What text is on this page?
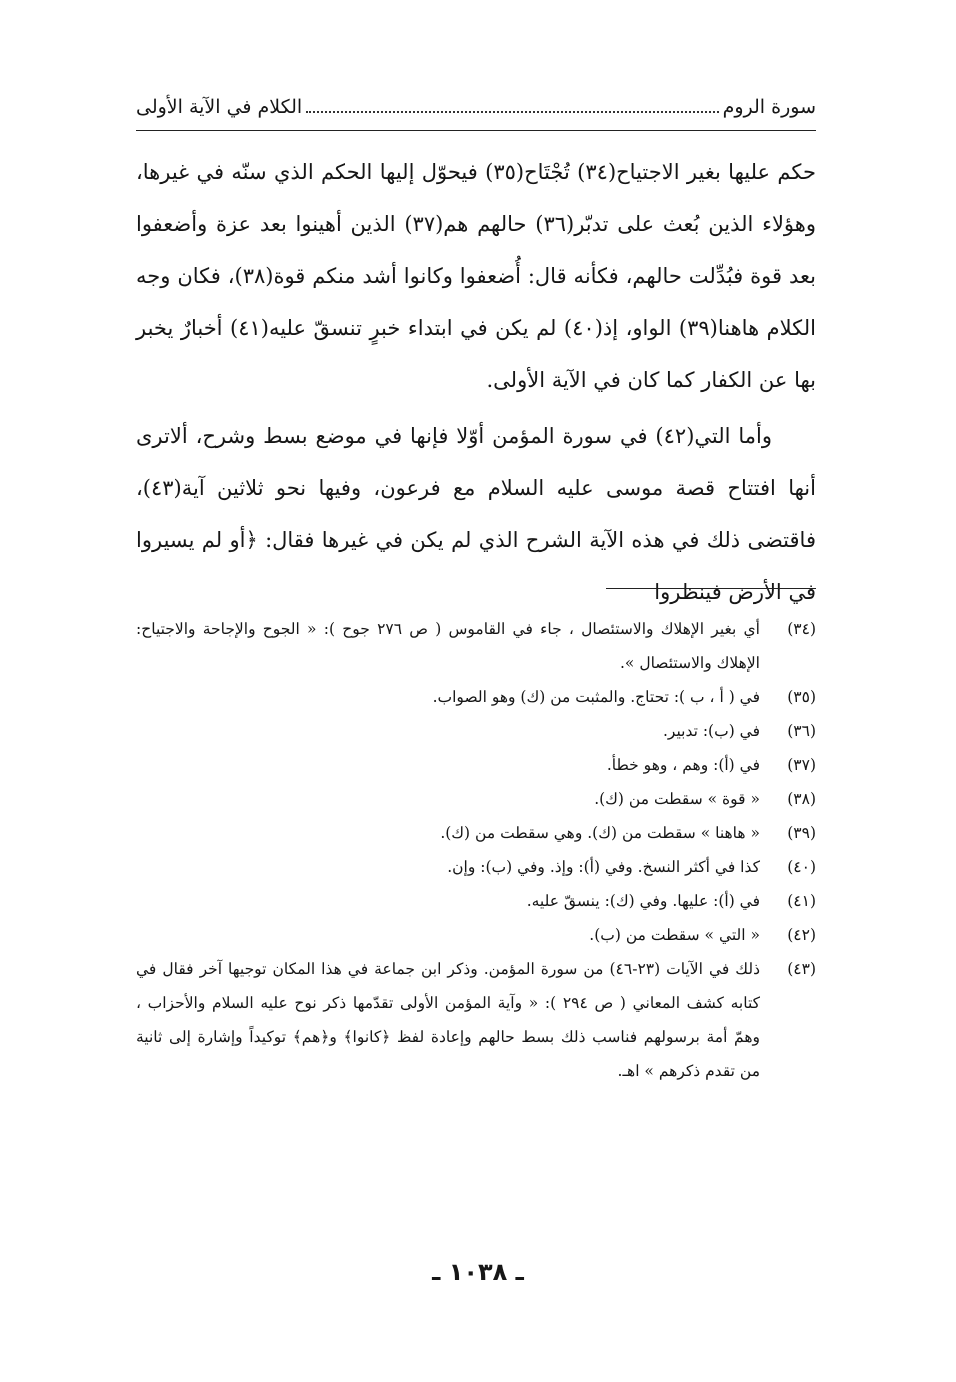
سورة الروم
الكلام في الآية الأولى

حكم عليها بغير الاجتياح(٣٤) تُجْتَاح(٣٥) فيحوّل إليها الحكم الذي سنّه في غيرها، وهؤلاء الذين بُعث على تدبّر(٣٦) حالهم هم(٣٧) الذين أهينوا بعد عزة وأضعفوا بعد قوة فبُدِّلت حالهم، فكأنه قال: أُضعفوا وكانوا أشد منكم قوة(٣٨)، فكان وجه الكلام هاهنا(٣٩) الواو، إذ(٤٠) لم يكن في ابتداء خبرٍ تنسقّ عليه(٤١) أخبارٌ يخبر بها عن الكفار كما كان في الآية الأولى.

وأما التي(٤٢) في سورة المؤمن أوّلا فإنها في موضع بسط وشرح، ألاترى أنها افتتاح قصة موسى عليه السلام مع فرعون، وفيها نحو ثلاثين آية(٤٣)، فاقتضى ذلك في هذه الآية الشرح الذي لم يكن في غيرها فقال: ﴿أو لم يسيروا في الأرض فينظروا

(٣٤)
أي بغير الإهلاك والاستئصال ، جاء في القاموس ( ص ٢٧٦ جوح ): « الجوح والإجاحة والاجتياح: الإهلاك والاستئصال ».
(٣٥)
في ( أ ، ب ): تحتاج. والمثبت من (ك) وهو الصواب.
(٣٦)
في (ب): تدبير.
(٣٧)
في (أ): وهم ، وهو خطأ.
(٣٨)
« قوة » سقطت من (ك).
(٣٩)
« هاهنا » سقطت من (ك). وهي سقطت من (ك).
(٤٠)
كذا في أكثر النسخ. وفي (أ): وإذ. وفي (ب): وإن.
(٤١)
في (أ): عليها. وفي (ك): ينسقّ عليه.
(٤٢)
« التي » سقطت من (ب).
(٤٣)
ذلك في الآيات (٢٣-٤٦) من سورة المؤمن. وذكر ابن جماعة في هذا المكان توجيها آخر فقال في كتابه كشف المعاني ( ص ٢٩٤ ): « وآية المؤمن الأولى تقدّمها ذكر نوح عليه السلام والأحزاب ، وهمّ أمة برسولهم فناسب ذلك بسط حالهم وإعادة لفظ ﴿كانوا﴾ و﴿هم﴾ توكيداً وإشارة إلى ثانية من تقدم ذكرهم » اهـ.
ـ ١٠٣٨ ـ
